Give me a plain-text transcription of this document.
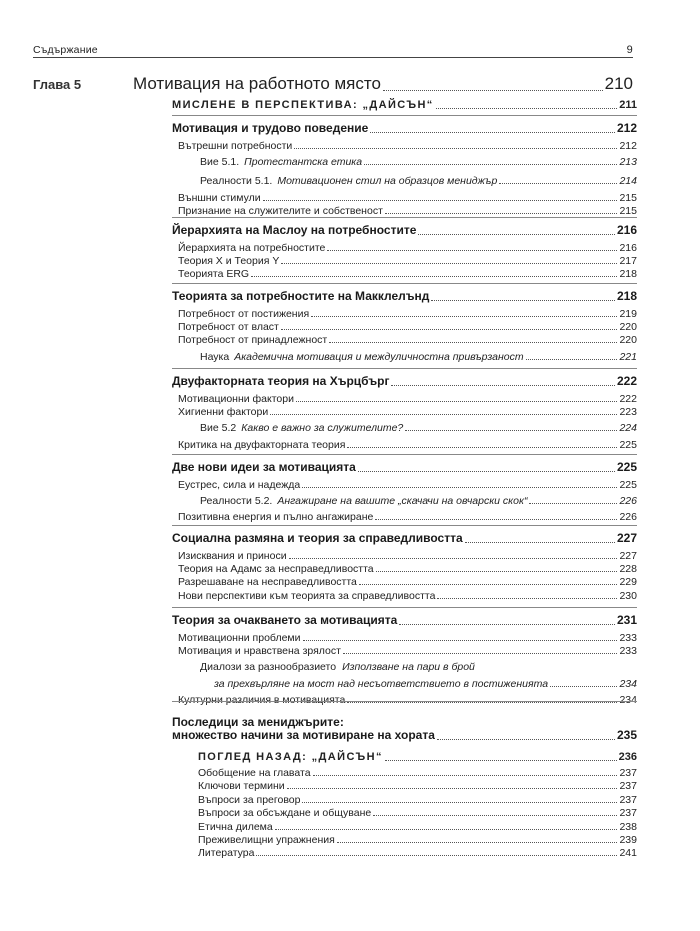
Съдържание	9
Глава 5	Мотивация на работното място	210
МИСЛЕНЕ В ПЕРСПЕКТИВА: „ДАЙСЪН“	211
Мотивация и трудово поведение	212
Вътрешни потребности	212
Вие 5.1. Протестантска етика	213
Реалности 5.1. Мотивационен стил на образцов мениджър	214
Външни стимули	215
Признание на служителите и собственост	215
Йерархията на Маслоу на потребностите	216
Йерархията на потребностите	216
Теория X и Теория Y	217
Теорията ERG	218
Теорията за потребностите на Макклелънд	218
Потребност от постижения	219
Потребност от власт	220
Потребност от принадлежност	220
Наука Академична мотивация и междуличностна привързаност	221
Двуфакторната теория на Хърцбърг	222
Мотивационни фактори	222
Хигиенни фактори	223
Вие 5.2 Какво е важно за служителите?	224
Критика на двуфакторната теория	225
Две нови идеи за мотивацията	225
Еустрес, сила и надежда	225
Реалности 5.2. Ангажиране на вашите „скачачи на овчарски скок“	226
Позитивна енергия и пълно ангажиране	226
Социална размяна и теория за справедливостта	227
Изисквания и приноси	227
Теория на Адамс за несправедливостта	228
Разрешаване на несправедливостта	229
Нови перспективи към теорията за справедливостта	230
Теория за очакването за мотивацията	231
Мотивационни проблеми	233
Мотивация и нравствена зрялост	233
Диалози за разнообразието Използване на пари в брой
за прехвърляне на мост над несъответствието в постиженията	234
Културни различия в мотивацията	234
Последици за мениджърите:
множество начини за мотивиране на хората	235
ПОГЛЕД НАЗАД: „ДАЙСЪН“	236
Обобщение на главата	237
Ключови термини	237
Въпроси за преговор	237
Въпроси за обсъждане и общуване	237
Етична дилема	238
Преживелищни упражнения	239
Литература	241
